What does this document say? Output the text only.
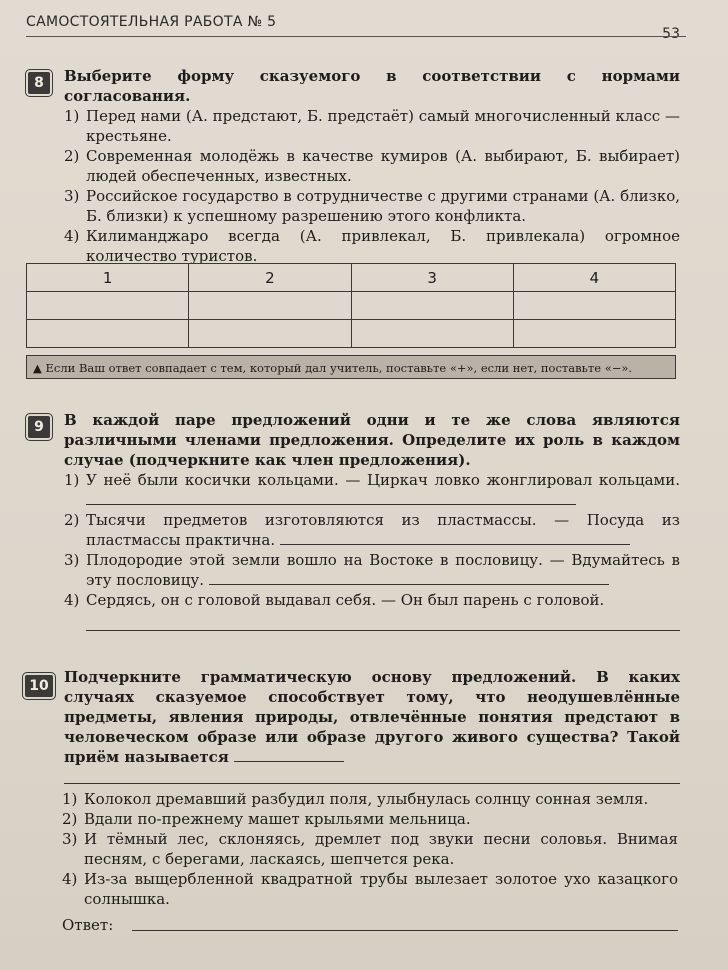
САМОСТОЯТЕЛЬНАЯ РАБОТА № 5
53
8	Выберите форму сказуемого в соответствии с нормами согласования.
1) Перед нами (А. предстают, Б. предстаёт) самый многочисленный класс — крестьяне.
2) Современная молодёжь в качестве кумиров (А. выбирают, Б. выбирает) людей обеспеченных, известных.
3) Российское государство в сотрудничестве с другими странами (А. близко, Б. близки) к успешному разрешению этого конфликта.
4) Килиманджаро всегда (А. привлекал, Б. привлекала) огромное количество туристов.
1	2	3	4

▲ Если Ваш ответ совпадает с тем, который дал учитель, поставьте «+», если нет, поставьте «−».
9	В каждой паре предложений одни и те же слова являются различными членами предложения. Определите их роль в каждом случае (подчеркните как член предложения).
1) У неё были косички кольцами. — Циркач ловко жонглировал кольцами.
2) Тысячи предметов изготовляются из пластмассы. — Посуда из пластмассы практична.
3) Плодородие этой земли вошло на Востоке в пословицу. — Вдумайтесь в эту пословицу.
4) Сердясь, он с головой выдавал себя. — Он был парень с головой.
10 Подчеркните грамматическую основу предложений. В каких случаях сказуемое способствует тому, что неодушевлённые предметы, явления природы, отвлечённые понятия предстают в человеческом образе или образе другого живого существа? Такой приём называется
1) Колокол дремавший разбудил поля, улыбнулась солнцу сонная земля.
2) Вдали по-прежнему машет крыльями мельница.
3) И тёмный лес, склоняясь, дремлет под звуки песни соловья. Внимая песням, с берегами, ласкаясь, шепчется река.
4) Из-за выщербленной квадратной трубы вылезает золотое ухо казацкого солнышка.
Ответ:
